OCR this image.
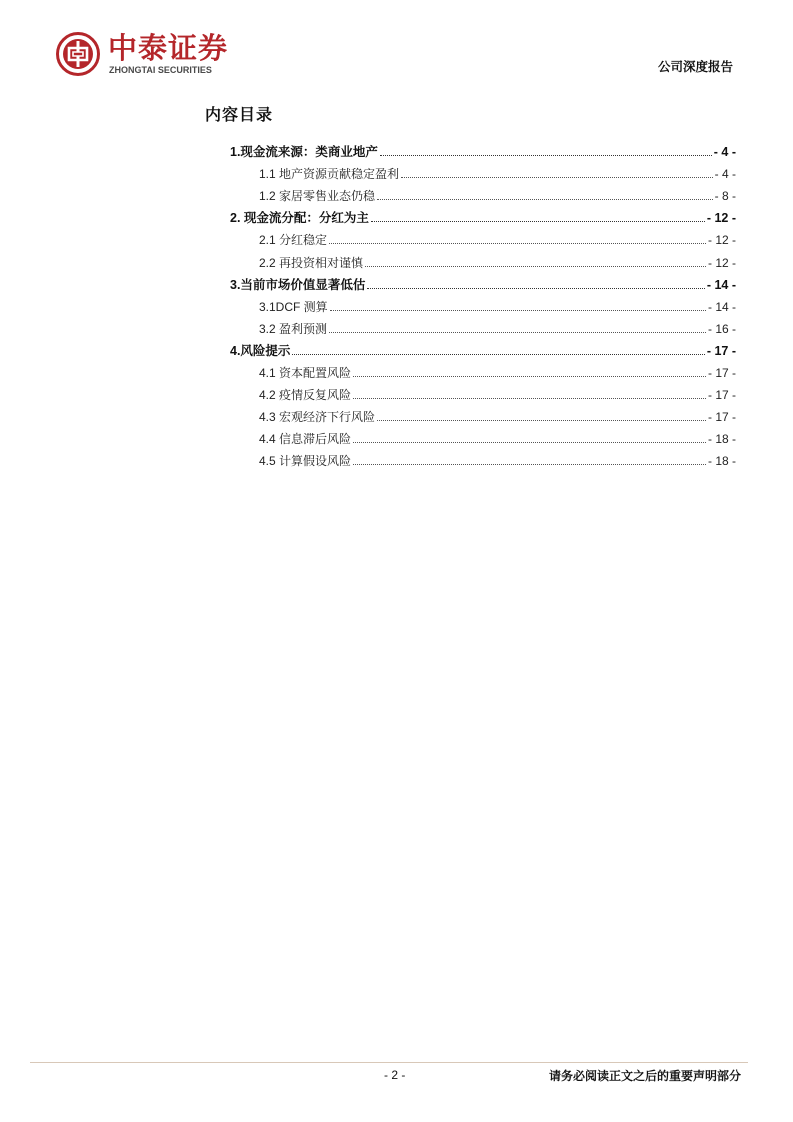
中泰证券
ZHONGTAI SECURITIES	公司深度报告
内容目录
1.现金流来源：类商业地产	- 4 -
1.1 地产资源贡献稳定盈利	- 4 -
1.2 家居零售业态仍稳	- 8 -
2. 现金流分配：分红为主	- 12 -
2.1 分红稳定	- 12 -
2.2 再投资相对谨慎	- 12 -
3.当前市场价值显著低估	- 14 -
3.1DCF 测算	- 14 -
3.2 盈利预测	- 16 -
4.风险提示	- 17 -
4.1 资本配置风险	- 17 -
4.2 疫情反复风险	- 17 -
4.3 宏观经济下行风险	- 17 -
4.4 信息滞后风险	- 18 -
4.5 计算假设风险	- 18 -
- 2 -	请务必阅读正文之后的重要声明部分
